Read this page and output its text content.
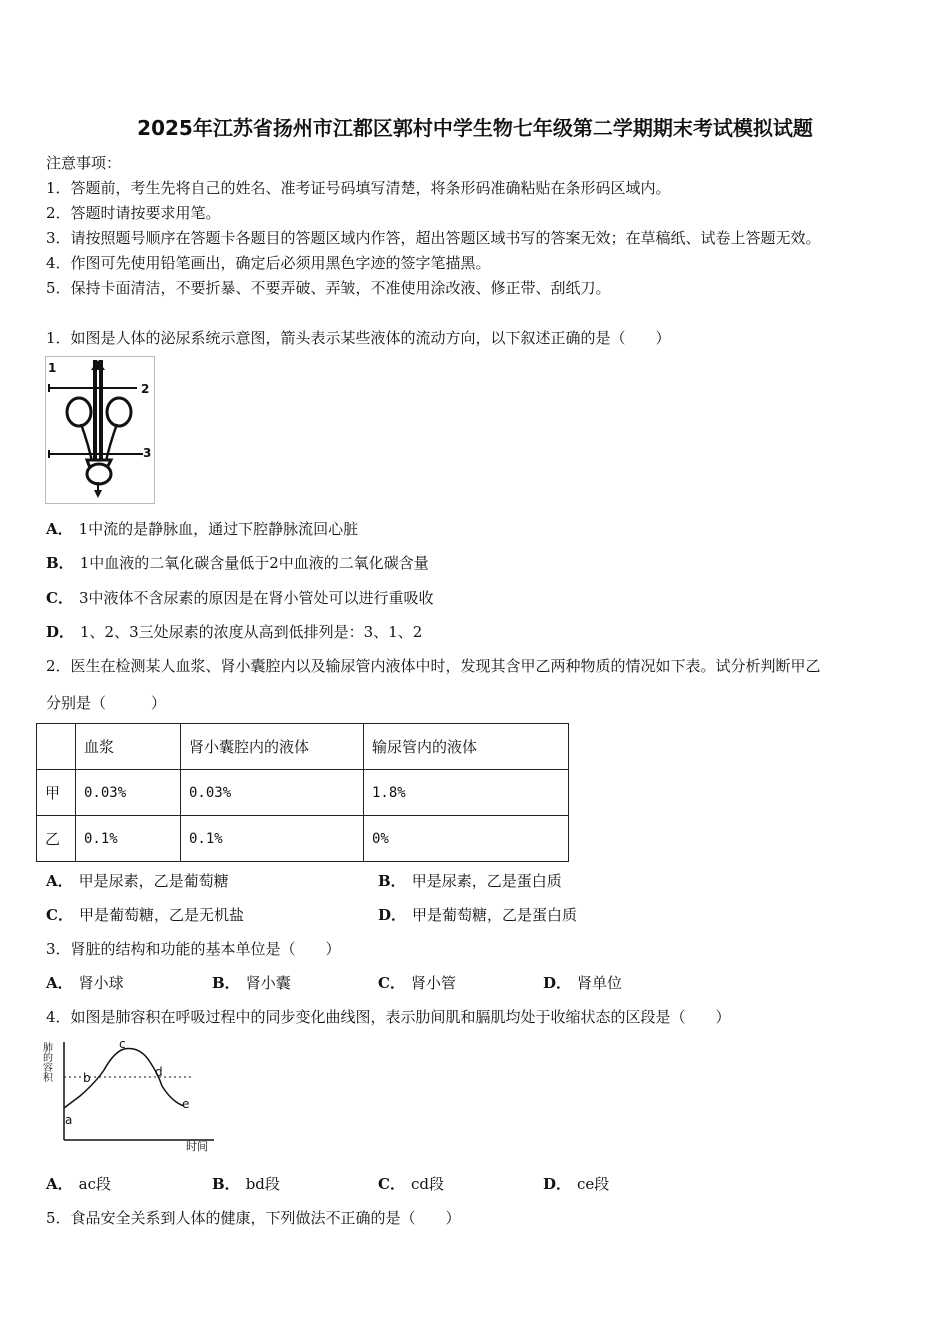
2025年江苏省扬州市江都区郭村中学生物七年级第二学期期末考试模拟试题
注意事项：
1．答题前，考生先将自己的姓名、准考证号码填写清楚，将条形码准确粘贴在条形码区域内。
2．答题时请按要求用笔。
3．请按照题号顺序在答题卡各题目的答题区域内作答，超出答题区域书写的答案无效；在草稿纸、试卷上答题无效。
4．作图可先使用铅笔画出，确定后必须用黑色字迹的签字笔描黑。
5．保持卡面清洁，不要折暴、不要弄破、弄皱，不准使用涂改液、修正带、刮纸刀。
1．如图是人体的泌尿系统示意图，箭头表示某些液体的流动方向，以下叙述正确的是（　　）
1
2
3
A． 1中流的是静脉血，通过下腔静脉流回心脏
B． 1中血液的二氧化碳含量低于2中血液的二氧化碳含量
C． 3中液体不含尿素的原因是在肾小管处可以进行重吸收
D． 1、2、3三处尿素的浓度从高到低排列是：3、1、2
2．医生在检测某人血浆、肾小囊腔内以及输尿管内液体中时，发现其含甲乙两种物质的情况如下表。试分析判断甲乙
分别是（　　　）
	血浆	肾小囊腔内的液体	输尿管内的液体
甲	0.03%	0.03%	1.8%
乙	0.1%	0.1%	0%
A． 甲是尿素，乙是葡萄糖	B． 甲是尿素，乙是蛋白质
C． 甲是葡萄糖，乙是无机盐	D． 甲是葡萄糖，乙是蛋白质
3．肾脏的结构和功能的基本单位是（　　）
A． 肾小球	B． 肾小囊	C． 肾小管	D． 肾单位
4．如图是肺容积在呼吸过程中的同步变化曲线图，表示肋间肌和膈肌均处于收缩状态的区段是（　　）
肺的容积
时间
a
b
c
d
e
A． ac段	B． bd段	C． cd段	D． ce段
5．食品安全关系到人体的健康，下列做法不正确的是（　　）
